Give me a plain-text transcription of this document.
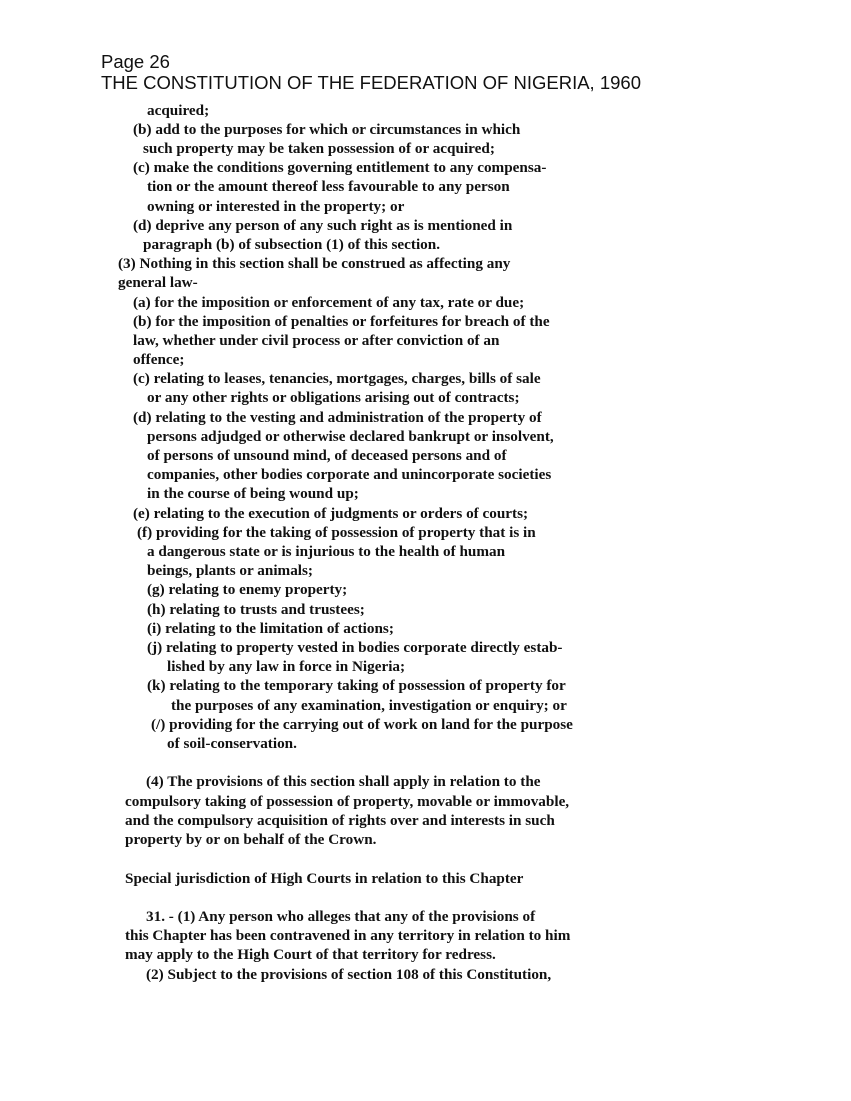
Page 26
THE CONSTITUTION OF THE FEDERATION OF NIGERIA, 1960
acquired;
(b) add to the purposes for which or circumstances in which
such property may be taken possession of or acquired;
(c) make the conditions governing entitlement to any compensa-
tion or the amount thereof less favourable to any person
owning or interested in the property; or
(d) deprive any person of any such right as is mentioned in
paragraph (b) of subsection (1) of this section.
(3) Nothing in this section shall be construed as affecting any
general law-
(a) for the imposition or enforcement of any tax, rate or due;
(b) for the imposition of penalties or forfeitures for breach of the
law, whether under civil process or after conviction of an
offence;
(c) relating to leases, tenancies, mortgages, charges, bills of sale
or any other rights or obligations arising out of contracts;
(d) relating to the vesting and administration of the property of
persons adjudged or otherwise declared bankrupt or insolvent,
of persons of unsound mind, of deceased persons and of
companies, other bodies corporate and unincorporate societies
in the course of being wound up;
(e) relating to the execution of judgments or orders of courts;
(f) providing for the taking of possession of property that is in
a dangerous state or is injurious to the health of human
beings, plants or animals;
(g) relating to enemy property;
(h) relating to trusts and trustees;
(i) relating to the limitation of actions;
(j) relating to property vested in bodies corporate directly estab-
lished by any law in force in Nigeria;
(k) relating to the temporary taking of possession of property for
the purposes of any examination, investigation or enquiry; or
(/) providing for the carrying out of work on land for the purpose
of soil-conservation.
(4) The provisions of this section shall apply in relation to the
compulsory taking of possession of property, movable or immovable,
and the compulsory acquisition of rights over and interests in such
property by or on behalf of the Crown.
Special jurisdiction of High Courts in relation to this Chapter
31. - (1) Any person who alleges that any of the provisions of
this Chapter has been contravened in any territory in relation to him
may apply to the High Court of that territory for redress.
(2) Subject to the provisions of section 108 of this Constitution,
